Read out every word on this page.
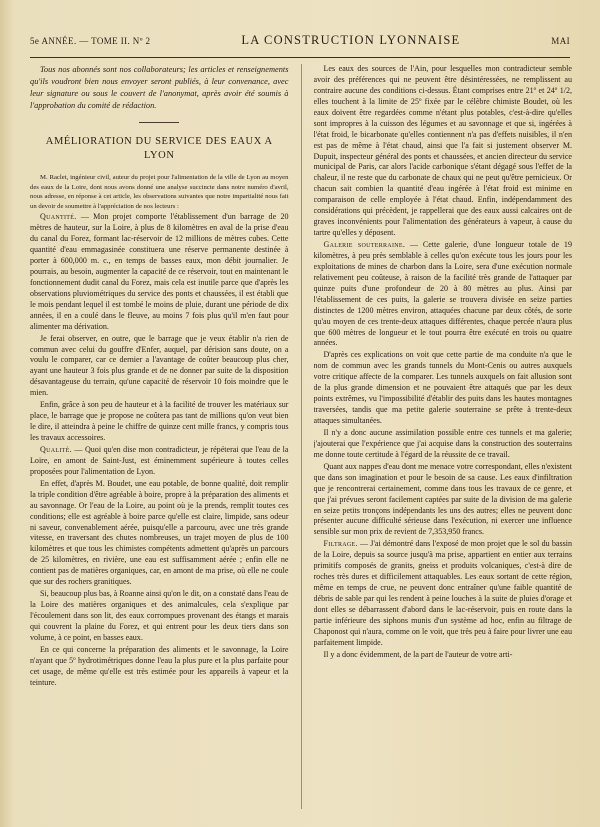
5e ANNÉE. — TOME II. Nº 2	LA CONSTRUCTION LYONNAISE	MAI

Tous nos abonnés sont nos collaborateurs; les articles et renseignements qu'ils voudront bien nous envoyer seront publiés, à leur convenance, avec leur signature ou sous le couvert de l'anonymat, après avoir été soumis à l'approbation du comité de rédaction.

AMÉLIORATION DU SERVICE DES EAUX A LYON

M. Raclet, ingénieur civil, auteur du projet pour l'alimentation de la ville de Lyon au moyen des eaux de la Loire, dont nous avons donné une analyse succincte dans notre numéro d'avril, nous adresse, en réponse à cet article, les observations suivantes que notre impartialité nous fait un devoir de soumettre à l'appréciation de nos lecteurs :

Quantité. — Mon projet comporte l'établissement d'un barrage de 20 mètres de hauteur, sur la Loire, à plus de 8 kilomètres en aval de la prise d'eau du canal du Forez, formant lac-réservoir de 12 millions de mètres cubes. Cette quantité d'eau emmagasinée constituera une réserve permanente destinée à porter à 600,000 m. c., en temps de basses eaux, mon débit journalier. Je pourrais, au besoin, augmenter la capacité de ce réservoir, tout en maintenant le fonctionnement dudit canal du Forez, mais cela est inutile parce que d'après les observations pluviométriques du service des ponts et chaussées, il est établi que le mois pendant lequel il est tombé le moins de pluie, durant une période de dix années, il en a coulé dans le fleuve, au moins 7 fois plus qu'il m'en faut pour alimenter ma dérivation.

Je ferai observer, en outre, que le barrage que je veux établir n'a rien de commun avec celui du gouffre d'Enfer, auquel, par dérision sans doute, on a voulu le comparer, car ce dernier a l'avantage de coûter beaucoup plus cher, ayant une hauteur 3 fois plus grande et de ne donner par suite de la disposition désavantageuse du terrain, qu'une capacité de réservoir 10 fois moindre que le mien.

Enfin, grâce à son peu de hauteur et à la facilité de trouver les matériaux sur place, le barrage que je propose ne coûtera pas tant de millions qu'on veut bien le dire, il atteindra à peine le chiffre de quinze cent mille francs, y compris tous les travaux accessoires.

Qualité. — Quoi qu'en dise mon contradicteur, je répéterai que l'eau de la Loire, en amont de Saint-Just, est éminemment supérieure à toutes celles proposées pour l'alimentation de Lyon.

En effet, d'après M. Boudet, une eau potable, de bonne qualité, doit remplir la triple condition d'être agréable à boire, propre à la préparation des aliments et au savonnage. Or l'eau de la Loire, au point où je la prends, remplit toutes ces conditions; elle est agréable à boire parce qu'elle est claire, limpide, sans odeur ni saveur, convenablement aérée, puisqu'elle a parcouru, avec une très grande vitesse, en traversant des chutes nombreuses, un trajet moyen de plus de 100 kilomètres et que tous les chimistes compétents admettent qu'après un parcours de 25 kilomètres, en rivière, une eau est suffisamment aérée ; enfin elle ne contient pas de matières organiques, car, en amont de ma prise, où elle ne coule que sur des rochers granitiques.

Si, beaucoup plus bas, à Roanne ainsi qu'on le dit, on a constaté dans l'eau de la Loire des matières organiques et des animalcules, cela s'explique par l'écoulement dans son lit, des eaux corrompues provenant des étangs et marais qui couvrent la plaine du Forez, et qui entrent pour les deux tiers dans son volume, à ce point, en basses eaux.

En ce qui concerne la préparation des aliments et le savonnage, la Loire n'ayant que 5º hydrotimétriques donne l'eau la plus pure et la plus parfaite pour cet usage, de même qu'elle est très estimée pour les appareils à vapeur et la teinture.

Les eaux des sources de l'Ain, pour lesquelles mon contradicteur semble avoir des préférences qui ne peuvent être désintéressées, ne remplissent au contraire aucune des conditions ci-dessus. Étant comprises entre 21º et 24º 1/2, elles touchent à la limite de 25º fixée par le célèbre chimiste Boudet, où les eaux doivent être regardées comme n'étant plus potables, c'est-à-dire qu'elles sont impropres à la cuisson des légumes et au savonnage et que si, ingérées à l'état froid, le bicarbonate qu'elles contiennent n'a pas d'effets nuisibles, il n'en est pas de même à l'état chaud, ainsi que l'a fait si justement observer M. Dupuit, inspecteur général des ponts et chaussées, et ancien directeur du service municipal de Paris, car alors l'acide carbonique s'étant dégagé sous l'effet de la chaleur, il ne reste que du carbonate de chaux qui ne peut qu'être pernicieux. Or chacun sait combien la quantité d'eau ingérée à l'état froid est minime en comparaison de celle employée à l'état chaud. Enfin, indépendamment des considérations qui précèdent, je rappellerai que des eaux aussi calcaires ont de graves inconvénients pour l'alimentation des générateurs à vapeur, à cause du tartre qu'elles y déposent.

Galerie souterraine. — Cette galerie, d'une longueur totale de 19 kilomètres, à peu près semblable à celles qu'on exécute tous les jours pour les exploitations de mines de charbon dans la Loire, sera d'une exécution normale relativement peu coûteuse, à raison de la facilité très grande de l'attaquer par quinze puits d'une profondeur de 20 à 80 mètres au plus. Ainsi par l'établissement de ces puits, la galerie se trouvera divisée en seize parties distinctes de 1200 mètres environ, attaquées chacune par deux côtés, de sorte qu'au moyen de ces trente-deux attaques différentes, chaque percée n'aura plus que 600 mètres de longueur et le tout pourra être exécuté en trois ou quatre années.

D'après ces explications on voit que cette partie de ma conduite n'a que le nom de commun avec les grands tunnels du Mont-Cenis ou autres auxquels votre critique affecte de la comparer. Les tunnels auxquels on fait allusion sont de la plus grande dimension et ne pouvaient être attaqués que par les deux points extrêmes, vu l'impossibilité d'établir des puits dans les hautes montagnes traversées, tandis que ma petite galerie souterraine se prête à trente-deux attaques simultanées.

Il n'y a donc aucune assimilation possible entre ces tunnels et ma galerie; j'ajouterai que l'expérience que j'ai acquise dans la construction des souterrains me donne toute certitude à l'égard de la réussite de ce travail.

Quant aux nappes d'eau dont me menace votre correspondant, elles n'existent que dans son imagination et pour le besoin de sa cause. Les eaux d'infiltration que je rencontrerai certainement, comme dans tous les travaux de ce genre, et que j'ai prévues seront facilement captées par suite de la division de ma galerie en seize petits tronçons indépendants les uns des autres; elles ne peuvent donc présenter aucune difficulté sérieuse dans l'exécution, ni exercer une influence sensible sur mon prix de revient de 7,353,950 francs.

Filtrage. — J'ai démontré dans l'exposé de mon projet que le sol du bassin de la Loire, depuis sa source jusqu'à ma prise, appartient en entier aux terrains primitifs composés de granits, gneiss et produits volcaniques, c'est-à dire de roches très dures et difficilement attaquables. Les eaux sortant de cette région, même en temps de crue, ne peuvent donc entraîner qu'une faible quantité de débris de sable par qui les rendent à peine louches à la suite de pluies d'orage et dont elles se débarrassent d'abord dans le lac-réservoir, puis en route dans la partie inférieure des siphons munis d'un système ad hoc, enfin au filtrage de Chaponost qui n'aura, comme on le voit, que très peu à faire pour livrer une eau parfaitement limpide.

Il y a donc évidemment, de la part de l'auteur de votre arti-
